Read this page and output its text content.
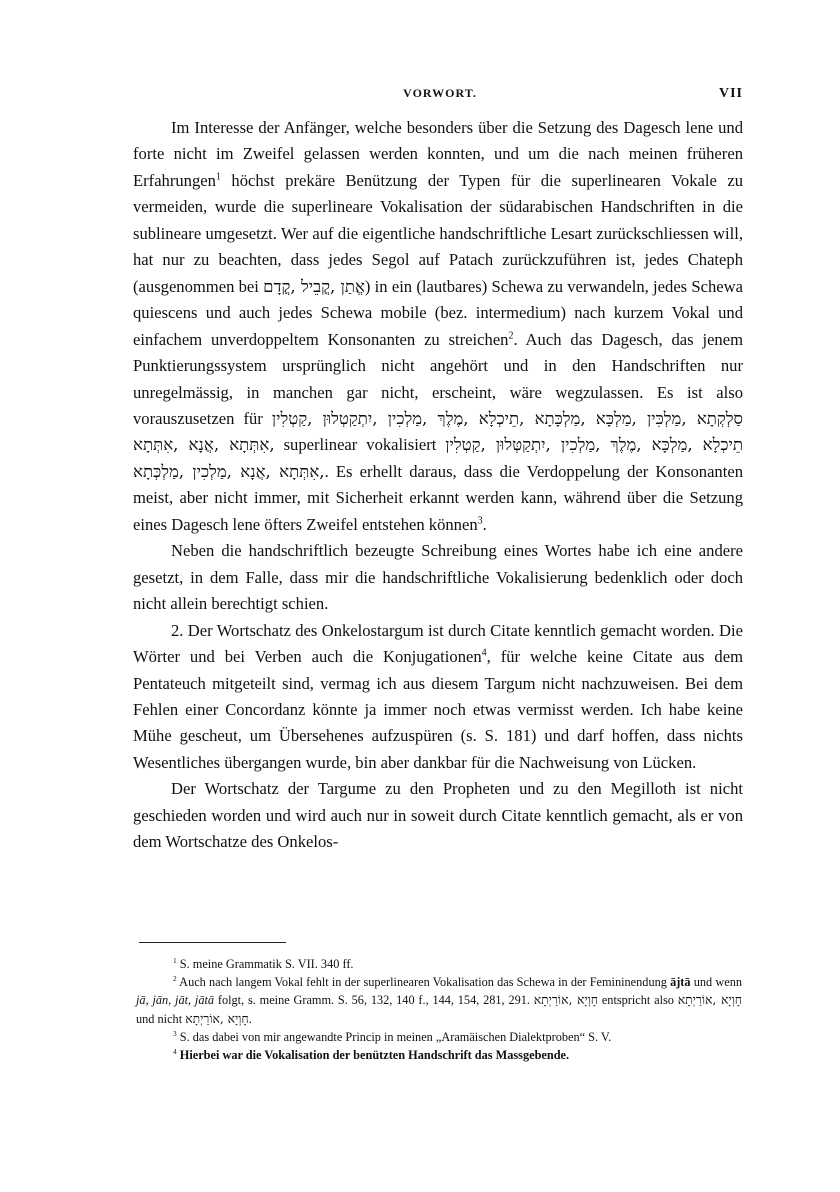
VORWORT.	VII

Im Interesse der Anfänger, welche besonders über die Setzung des Dagesch lene und forte nicht im Zweifel gelassen werden konnten, und um die nach meinen früheren Erfahrungen$^1$ höchst prekäre Benützung der Typen für die superlinearen Vokale zu vermeiden, wurde die superlineare Vokalisation der südarabischen Handschriften in die sublineare umgesetzt. Wer auf die eigentliche handschriftliche Lesart zurückschliessen will, hat nur zu beachten, dass jedes Segol auf Patach zurückzuführen ist, jedes Chateph (ausgenommen bei אֱתַן ,קֳבֵיל ,קֳדָם) in ein (lautbares) Schewa zu verwandeln, jedes Schewa quiescens und auch jedes Schewa mobile (bez. intermedium) nach kurzem Vokal und einfachem unverdoppeltem Konsonanten zu streichen$^2$. Auch das Dagesch, das jenem Punktierungssystem ursprünglich nicht angehört und in den Handschriften nur unregelmässig, in manchen gar nicht, erscheint, wäre wegzulassen. Es ist also vorauszusetzen für סַלְקְתָא ,מַלְכִּין ,מַלְכָּא ,מַלְכָּתָא ,תֵיכְלָא ,מֶלֶךְ ,מַלְכִין ,יִתְקַטְלוּן ,קַטְלִין ,אִתְּתָא ,אֲנָא ,אִתְּתָא superlinear vokalisiert תֵיכְלָא ,מַלְכָּא ,מֶלֶךְ ,מַלְכִין ,יִתְקַטְּלוּן ,קַטְלִין ,אִתְּתָא ,אֲנָא ,מַלְכִין ,מַלְכְּתָא. Es erhellt daraus, dass die Verdoppelung der Konsonanten meist, aber nicht immer, mit Sicherheit erkannt werden kann, während über die Setzung eines Dagesch lene öfters Zweifel entstehen können$^3$.

Neben die handschriftlich bezeugte Schreibung eines Wortes habe ich eine andere gesetzt, in dem Falle, dass mir die handschriftliche Vokalisierung bedenklich oder doch nicht allein berechtigt schien.

2. Der Wortschatz des Onkelostargum ist durch Citate kenntlich gemacht worden. Die Wörter und bei Verben auch die Konjugationen$^4$, für welche keine Citate aus dem Pentateuch mitgeteilt sind, vermag ich aus diesem Targum nicht nachzuweisen. Bei dem Fehlen einer Concordanz könnte ja immer noch etwas vermisst werden. Ich habe keine Mühe gescheut, um Übersehenes aufzuspüren (s. S. 181) und darf hoffen, dass nichts Wesentliches übergangen wurde, bin aber dankbar für die Nachweisung von Lücken.

Der Wortschatz der Targume zu den Propheten und zu den Megilloth ist nicht geschieden worden und wird auch nur in soweit durch Citate kenntlich gemacht, als er von dem Wortschatze des Onkelos-

$^1$ S. meine Grammatik S. VII. 340 ff.

$^2$ Auch nach langem Vokal fehlt in der superlinearen Vokalisation das Schewa in der Femininendung ājtā und wenn jā, jān, jāt, jātā folgt, s. meine Gramm. S. 56, 132, 140 f., 144, 154, 281, 291. חָוְיָא ,אוֹרַיְתָא entspricht also חָוְיָא ,אוֹרַיְתָא und nicht חָוְיָא ,אוֹרַיְתָא.

$^3$ S. das dabei von mir angewandte Princip in meinen „Aramäischen Dialektproben“ S. V.

$^4$ Hierbei war die Vokalisation der benützten Handschrift das Massgebende.
